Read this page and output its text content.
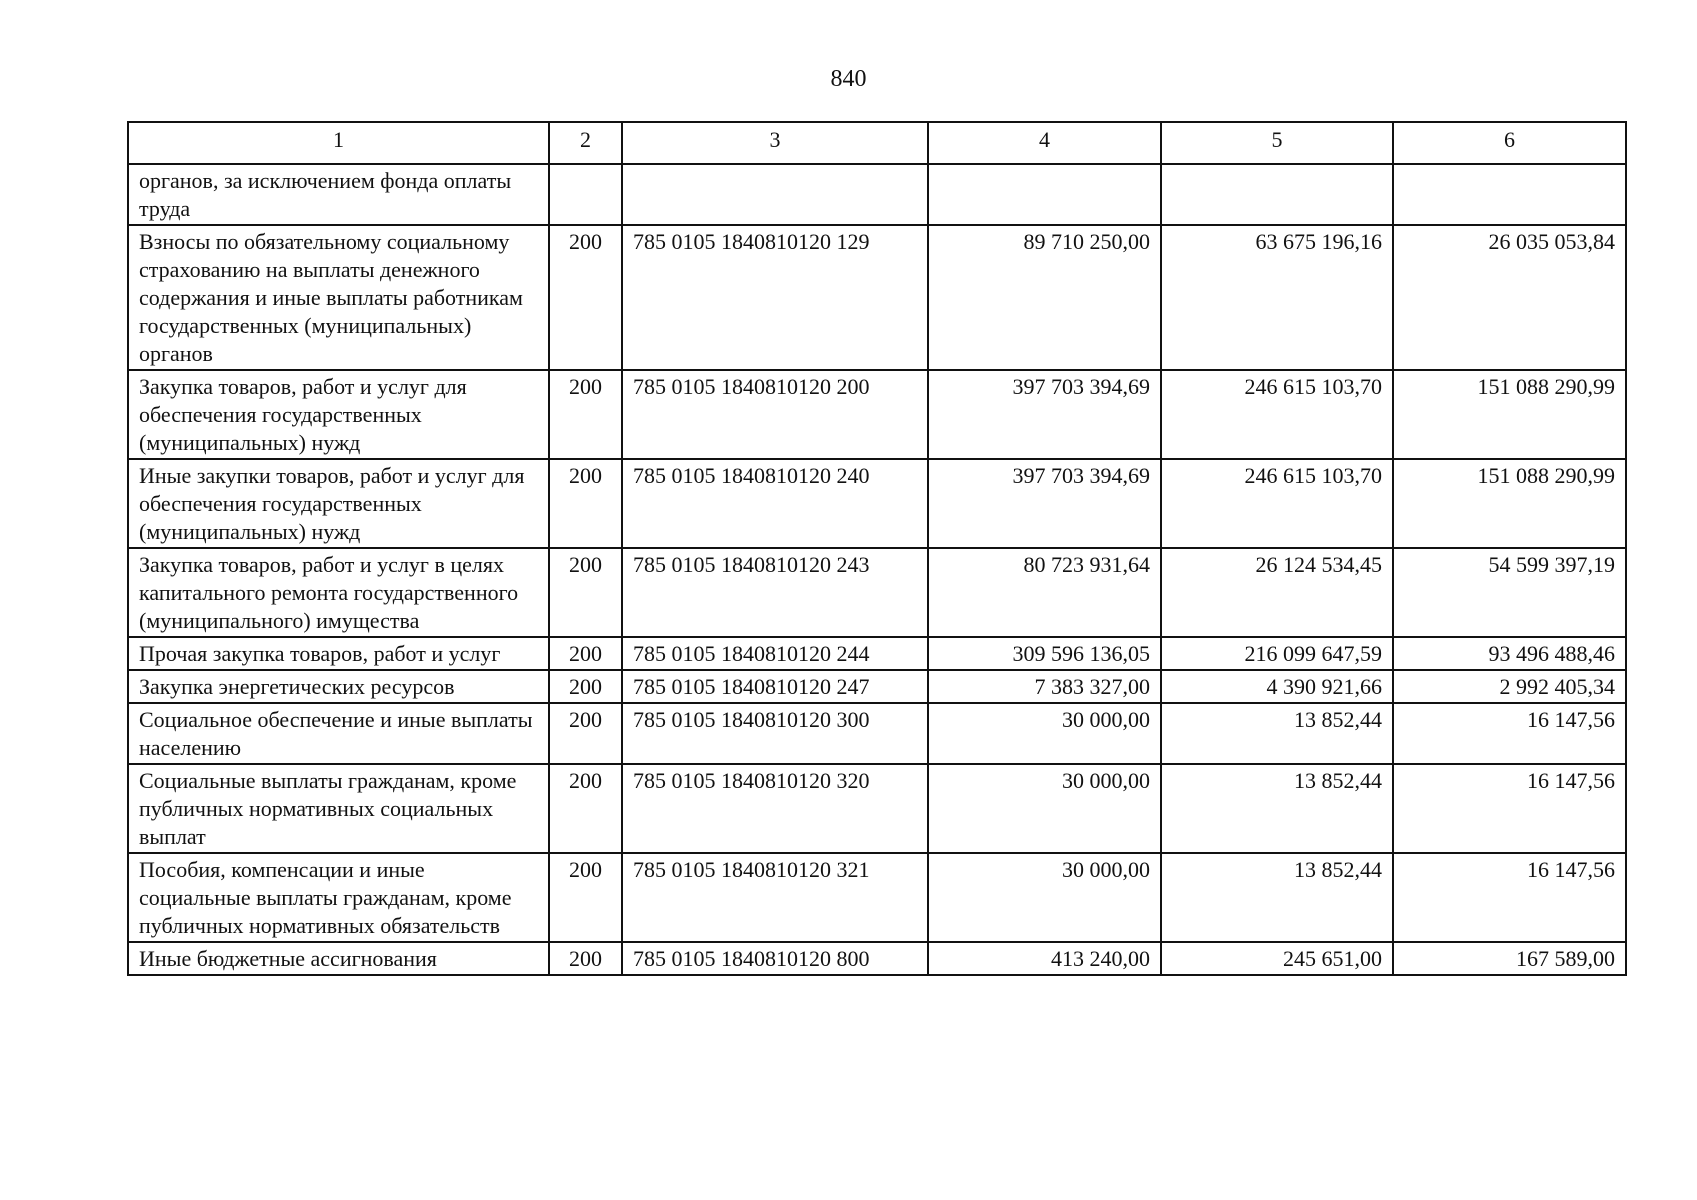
840
1	2	3	4	5	6
органов, за исключением фонда оплаты труда					
Взносы по обязательному социальному страхованию на выплаты денежного содержания и иные выплаты работникам государственных (муниципальных) органов	200	785 0105 1840810120 129	89 710 250,00	63 675 196,16	26 035 053,84
Закупка товаров, работ и услуг для обеспечения государственных (муниципальных) нужд	200	785 0105 1840810120 200	397 703 394,69	246 615 103,70	151 088 290,99
Иные закупки товаров, работ и услуг для обеспечения государственных (муниципальных) нужд	200	785 0105 1840810120 240	397 703 394,69	246 615 103,70	151 088 290,99
Закупка товаров, работ и услуг в целях капитального ремонта государственного (муниципального) имущества	200	785 0105 1840810120 243	80 723 931,64	26 124 534,45	54 599 397,19
Прочая закупка товаров, работ и услуг	200	785 0105 1840810120 244	309 596 136,05	216 099 647,59	93 496 488,46
Закупка энергетических ресурсов	200	785 0105 1840810120 247	7 383 327,00	4 390 921,66	2 992 405,34
Социальное обеспечение и иные выплаты населению	200	785 0105 1840810120 300	30 000,00	13 852,44	16 147,56
Социальные выплаты гражданам, кроме публичных нормативных социальных выплат	200	785 0105 1840810120 320	30 000,00	13 852,44	16 147,56
Пособия, компенсации и иные социальные выплаты гражданам, кроме публичных нормативных обязательств	200	785 0105 1840810120 321	30 000,00	13 852,44	16 147,56
Иные бюджетные ассигнования	200	785 0105 1840810120 800	413 240,00	245 651,00	167 589,00
